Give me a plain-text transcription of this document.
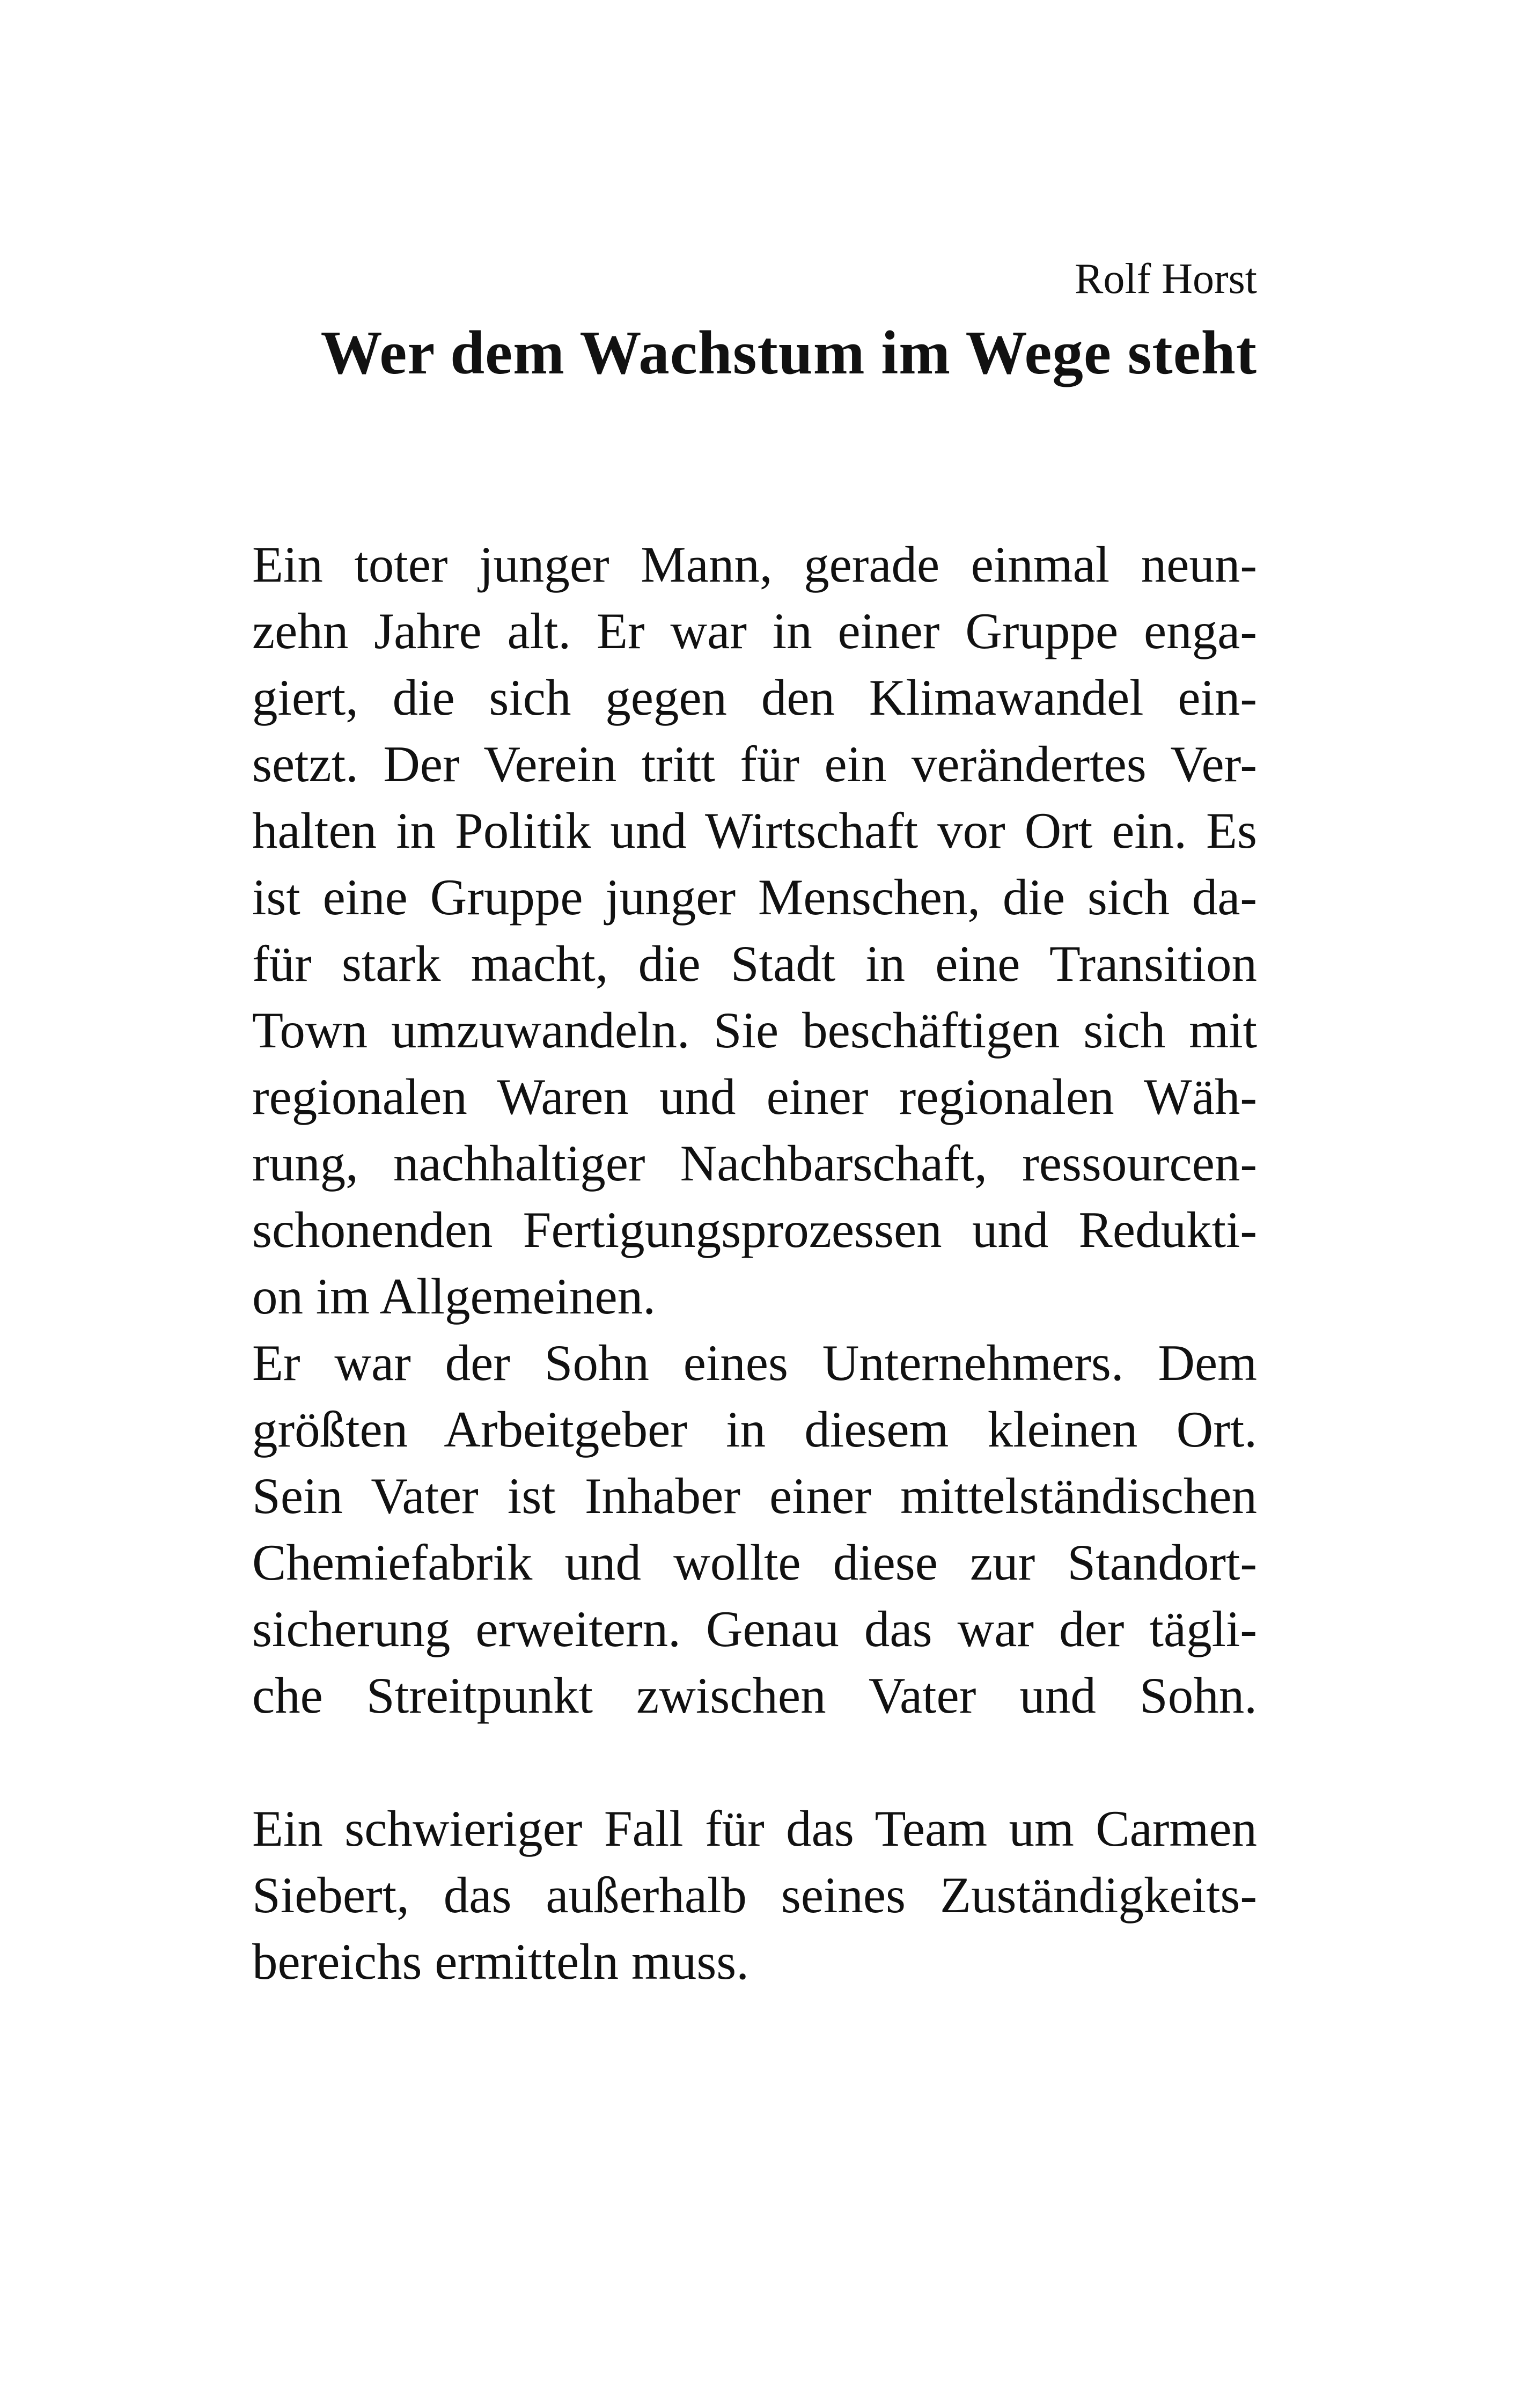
Rolf Horst
Wer dem Wachstum im Wege steht
Ein toter junger Mann, gerade einmal neun-
zehn Jahre alt. Er war in einer Gruppe enga-
giert, die sich gegen den Klimawandel ein-
setzt. Der Verein tritt für ein verändertes Ver-
halten in Politik und Wirtschaft vor Ort ein. Es
ist eine Gruppe junger Menschen, die sich da-
für stark macht, die Stadt in eine Transition
Town umzuwandeln. Sie beschäftigen sich mit
regionalen Waren und einer regionalen Wäh-
rung, nachhaltiger Nachbarschaft, ressourcen-
schonenden Fertigungsprozessen und Redukti-
on im Allgemeinen.
Er war der Sohn eines Unternehmers. Dem
größten Arbeitgeber in diesem kleinen Ort.
Sein Vater ist Inhaber einer mittelständischen
Chemiefabrik und wollte diese zur Standort-
sicherung erweitern. Genau das war der tägli-
che Streitpunkt zwischen Vater und Sohn.
Ein schwieriger Fall für das Team um Carmen
Siebert, das außerhalb seines Zuständigkeits-
bereichs ermitteln muss.
